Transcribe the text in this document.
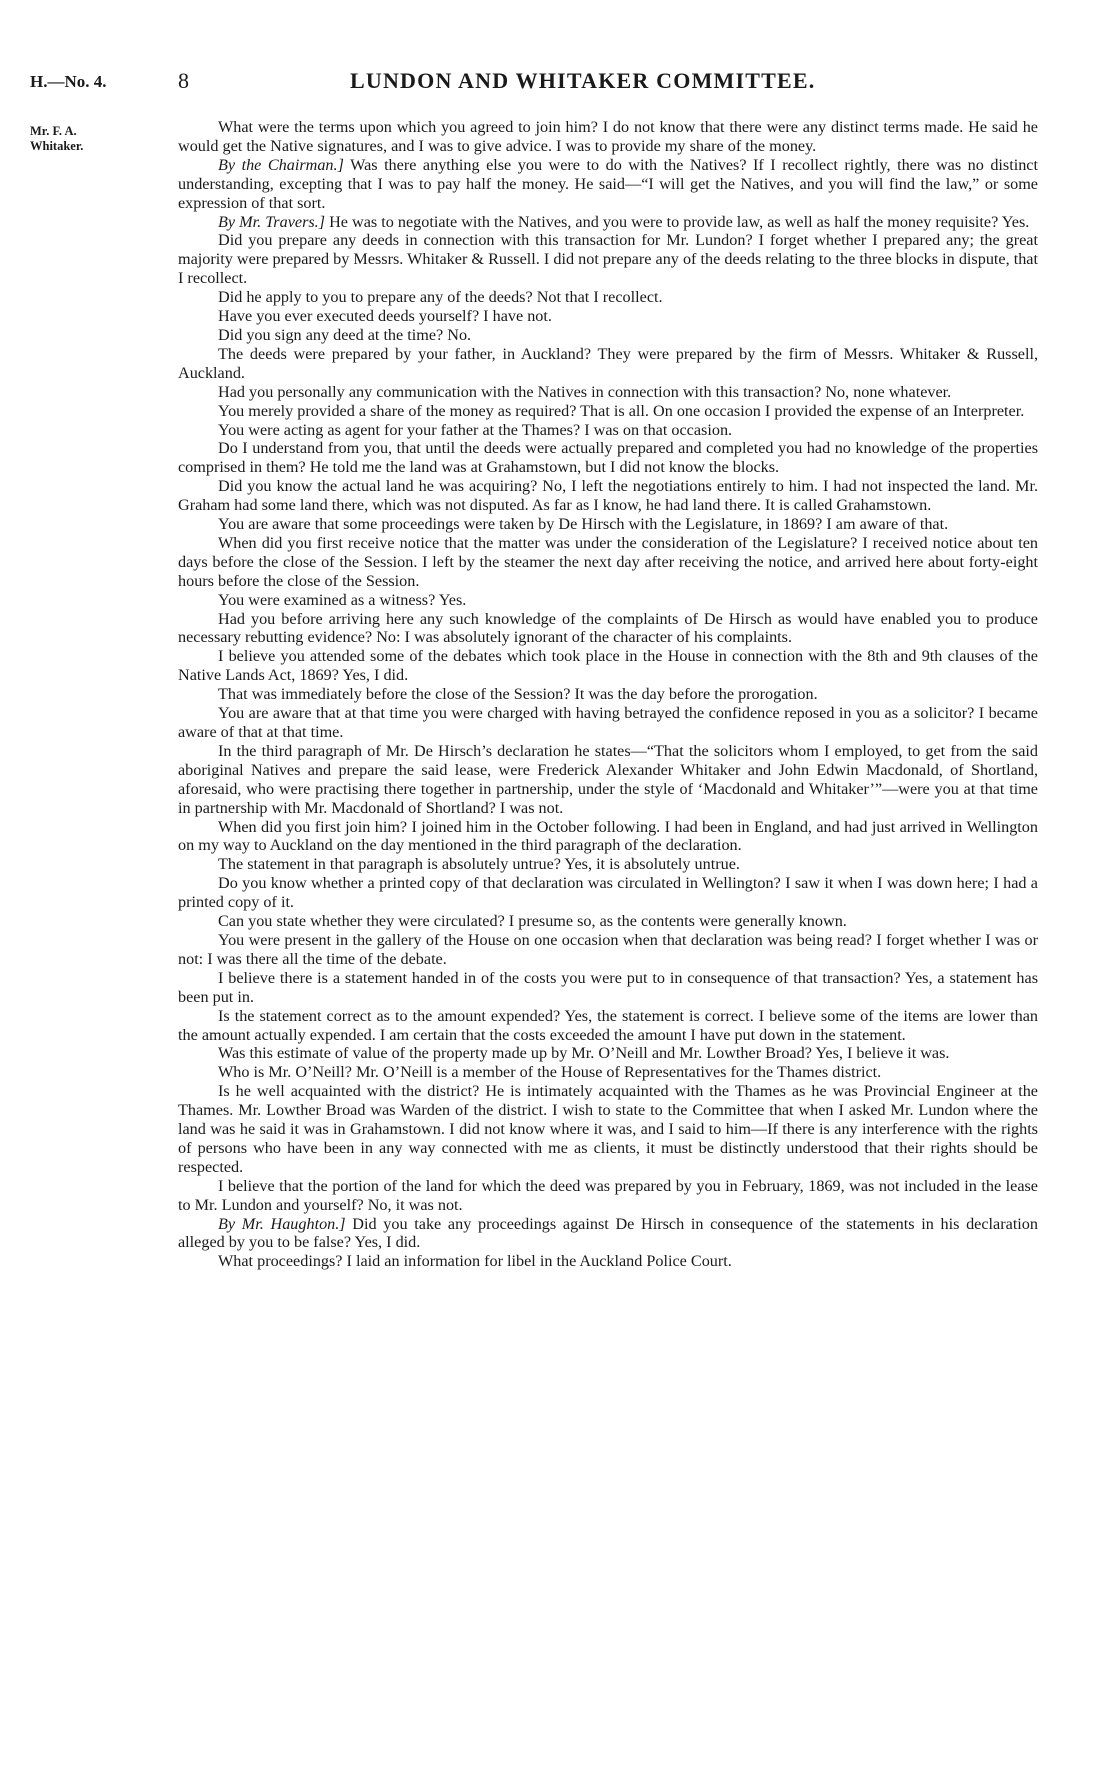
H.—No. 4.	8	LUNDON AND WHITAKER COMMITTEE.
Mr. F. A.
Whitaker.

What were the terms upon which you agreed to join him? I do not know that there were any distinct terms made. He said he would get the Native signatures, and I was to give advice. I was to provide my share of the money.

By the Chairman.] Was there anything else you were to do with the Natives? If I recollect rightly, there was no distinct understanding, excepting that I was to pay half the money. He said—“I will get the Natives, and you will find the law,” or some expression of that sort.

By Mr. Travers.] He was to negotiate with the Natives, and you were to provide law, as well as half the money requisite? Yes.

Did you prepare any deeds in connection with this transaction for Mr. Lundon? I forget whether I prepared any; the great majority were prepared by Messrs. Whitaker & Russell. I did not prepare any of the deeds relating to the three blocks in dispute, that I recollect.

Did he apply to you to prepare any of the deeds? Not that I recollect.

Have you ever executed deeds yourself? I have not.

Did you sign any deed at the time? No.

The deeds were prepared by your father, in Auckland? They were prepared by the firm of Messrs. Whitaker & Russell, Auckland.

Had you personally any communication with the Natives in connection with this transaction? No, none whatever.

You merely provided a share of the money as required? That is all. On one occasion I provided the expense of an Interpreter.

You were acting as agent for your father at the Thames? I was on that occasion.

Do I understand from you, that until the deeds were actually prepared and completed you had no knowledge of the properties comprised in them? He told me the land was at Grahamstown, but I did not know the blocks.

Did you know the actual land he was acquiring? No, I left the negotiations entirely to him. I had not inspected the land. Mr. Graham had some land there, which was not disputed. As far as I know, he had land there. It is called Grahamstown.

You are aware that some proceedings were taken by De Hirsch with the Legislature, in 1869? I am aware of that.

When did you first receive notice that the matter was under the consideration of the Legislature? I received notice about ten days before the close of the Session. I left by the steamer the next day after receiving the notice, and arrived here about forty-eight hours before the close of the Session.

You were examined as a witness? Yes.

Had you before arriving here any such knowledge of the complaints of De Hirsch as would have enabled you to produce necessary rebutting evidence? No: I was absolutely ignorant of the character of his complaints.

I believe you attended some of the debates which took place in the House in connection with the 8th and 9th clauses of the Native Lands Act, 1869? Yes, I did.

That was immediately before the close of the Session? It was the day before the prorogation.

You are aware that at that time you were charged with having betrayed the confidence reposed in you as a solicitor? I became aware of that at that time.

In the third paragraph of Mr. De Hirsch’s declaration he states—“That the solicitors whom I employed, to get from the said aboriginal Natives and prepare the said lease, were Frederick Alexander Whitaker and John Edwin Macdonald, of Shortland, aforesaid, who were practising there together in partnership, under the style of ‘Macdonald and Whitaker’”—were you at that time in partnership with Mr. Macdonald of Shortland? I was not.

When did you first join him? I joined him in the October following. I had been in England, and had just arrived in Wellington on my way to Auckland on the day mentioned in the third paragraph of the declaration.

The statement in that paragraph is absolutely untrue? Yes, it is absolutely untrue.

Do you know whether a printed copy of that declaration was circulated in Wellington? I saw it when I was down here; I had a printed copy of it.

Can you state whether they were circulated? I presume so, as the contents were generally known.

You were present in the gallery of the House on one occasion when that declaration was being read? I forget whether I was or not: I was there all the time of the debate.

I believe there is a statement handed in of the costs you were put to in consequence of that transaction? Yes, a statement has been put in.

Is the statement correct as to the amount expended? Yes, the statement is correct. I believe some of the items are lower than the amount actually expended. I am certain that the costs exceeded the amount I have put down in the statement.

Was this estimate of value of the property made up by Mr. O’Neill and Mr. Lowther Broad? Yes, I believe it was.

Who is Mr. O’Neill? Mr. O’Neill is a member of the House of Representatives for the Thames district.

Is he well acquainted with the district? He is intimately acquainted with the Thames as he was Provincial Engineer at the Thames. Mr. Lowther Broad was Warden of the district. I wish to state to the Committee that when I asked Mr. Lundon where the land was he said it was in Grahamstown. I did not know where it was, and I said to him—If there is any interference with the rights of persons who have been in any way connected with me as clients, it must be distinctly understood that their rights should be respected.

I believe that the portion of the land for which the deed was prepared by you in February, 1869, was not included in the lease to Mr. Lundon and yourself? No, it was not.

By Mr. Haughton.] Did you take any proceedings against De Hirsch in consequence of the statements in his declaration alleged by you to be false? Yes, I did.

What proceedings? I laid an information for libel in the Auckland Police Court.
